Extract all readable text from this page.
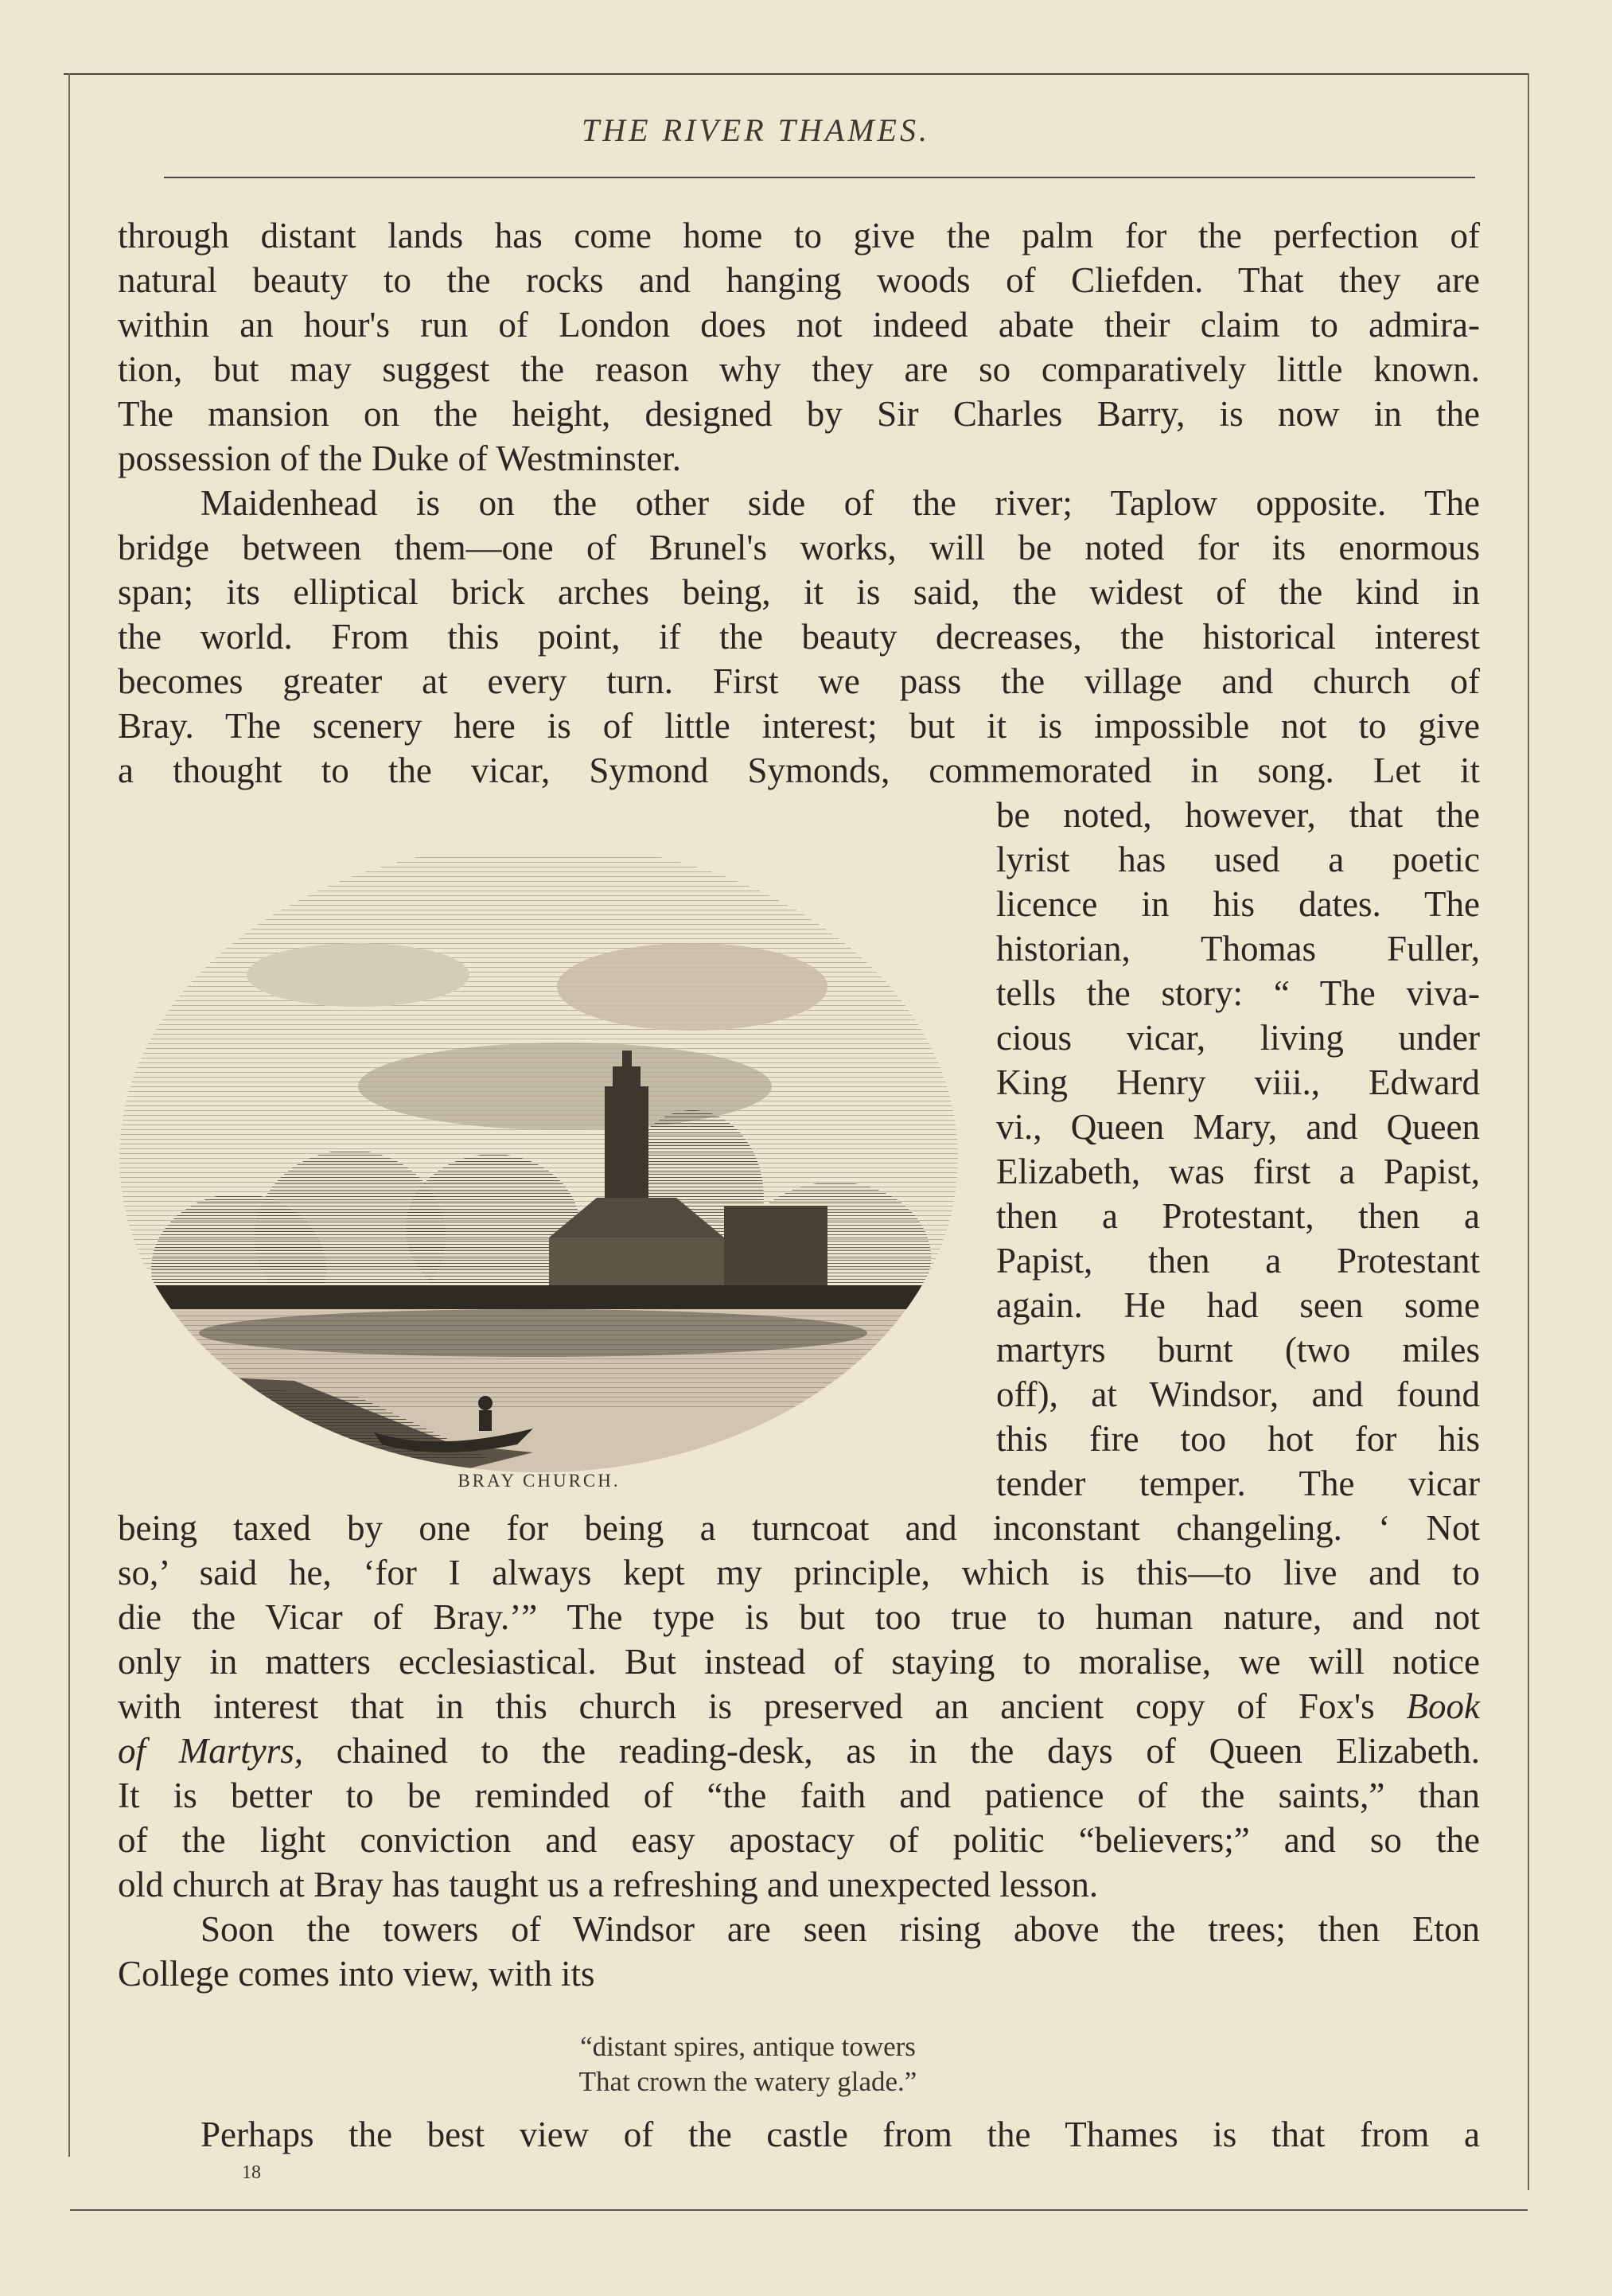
THE RIVER THAMES.
through distant lands has come home to give the palm for the perfection of
natural beauty to the rocks and hanging woods of Cliefden. That they are
within an hour's run of London does not indeed abate their claim to admira-
tion, but may suggest the reason why they are so comparatively little known.
The mansion on the height, designed by Sir Charles Barry, is now in the
possession of the Duke of Westminster.
Maidenhead is on the other side of the river; Taplow opposite. The
bridge between them—one of Brunel's works, will be noted for its enormous
span; its elliptical brick arches being, it is said, the widest of the kind in
the world. From this point, if the beauty decreases, the historical interest
becomes greater at every turn. First we pass the village and church of
Bray. The scenery here is of little interest; but it is impossible not to give
a thought to the vicar, Symond Symonds, commemorated in song. Let it
be noted, however, that the
lyrist has used a poetic
licence in his dates. The
historian, Thomas Fuller,
tells the story: “ The viva-
cious vicar, living under
King Henry viii., Edward
vi., Queen Mary, and Queen
Elizabeth, was first a Papist,
then a Protestant, then a
Papist, then a Protestant
again. He had seen some
martyrs burnt (two miles
off), at Windsor, and found
this fire too hot for his
tender temper. The vicar
being taxed by one for being a turncoat and inconstant changeling. ‘ Not
so,’ said he, ‘for I always kept my principle, which is this—to live and to
die the Vicar of Bray.’” The type is but too true to human nature, and not
only in matters ecclesiastical. But instead of staying to moralise, we will notice
with interest that in this church is preserved an ancient copy of Fox's Book
of Martyrs, chained to the reading-desk, as in the days of Queen Elizabeth.
It is better to be reminded of “the faith and patience of the saints,” than
of the light conviction and easy apostacy of politic “believers;” and so the
old church at Bray has taught us a refreshing and unexpected lesson.
Soon the towers of Windsor are seen rising above the trees; then Eton
College comes into view, with its
“distant spires, antique towers
That crown the watery glade.”
Perhaps the best view of the castle from the Thames is that from a
BRAY CHURCH.
18
